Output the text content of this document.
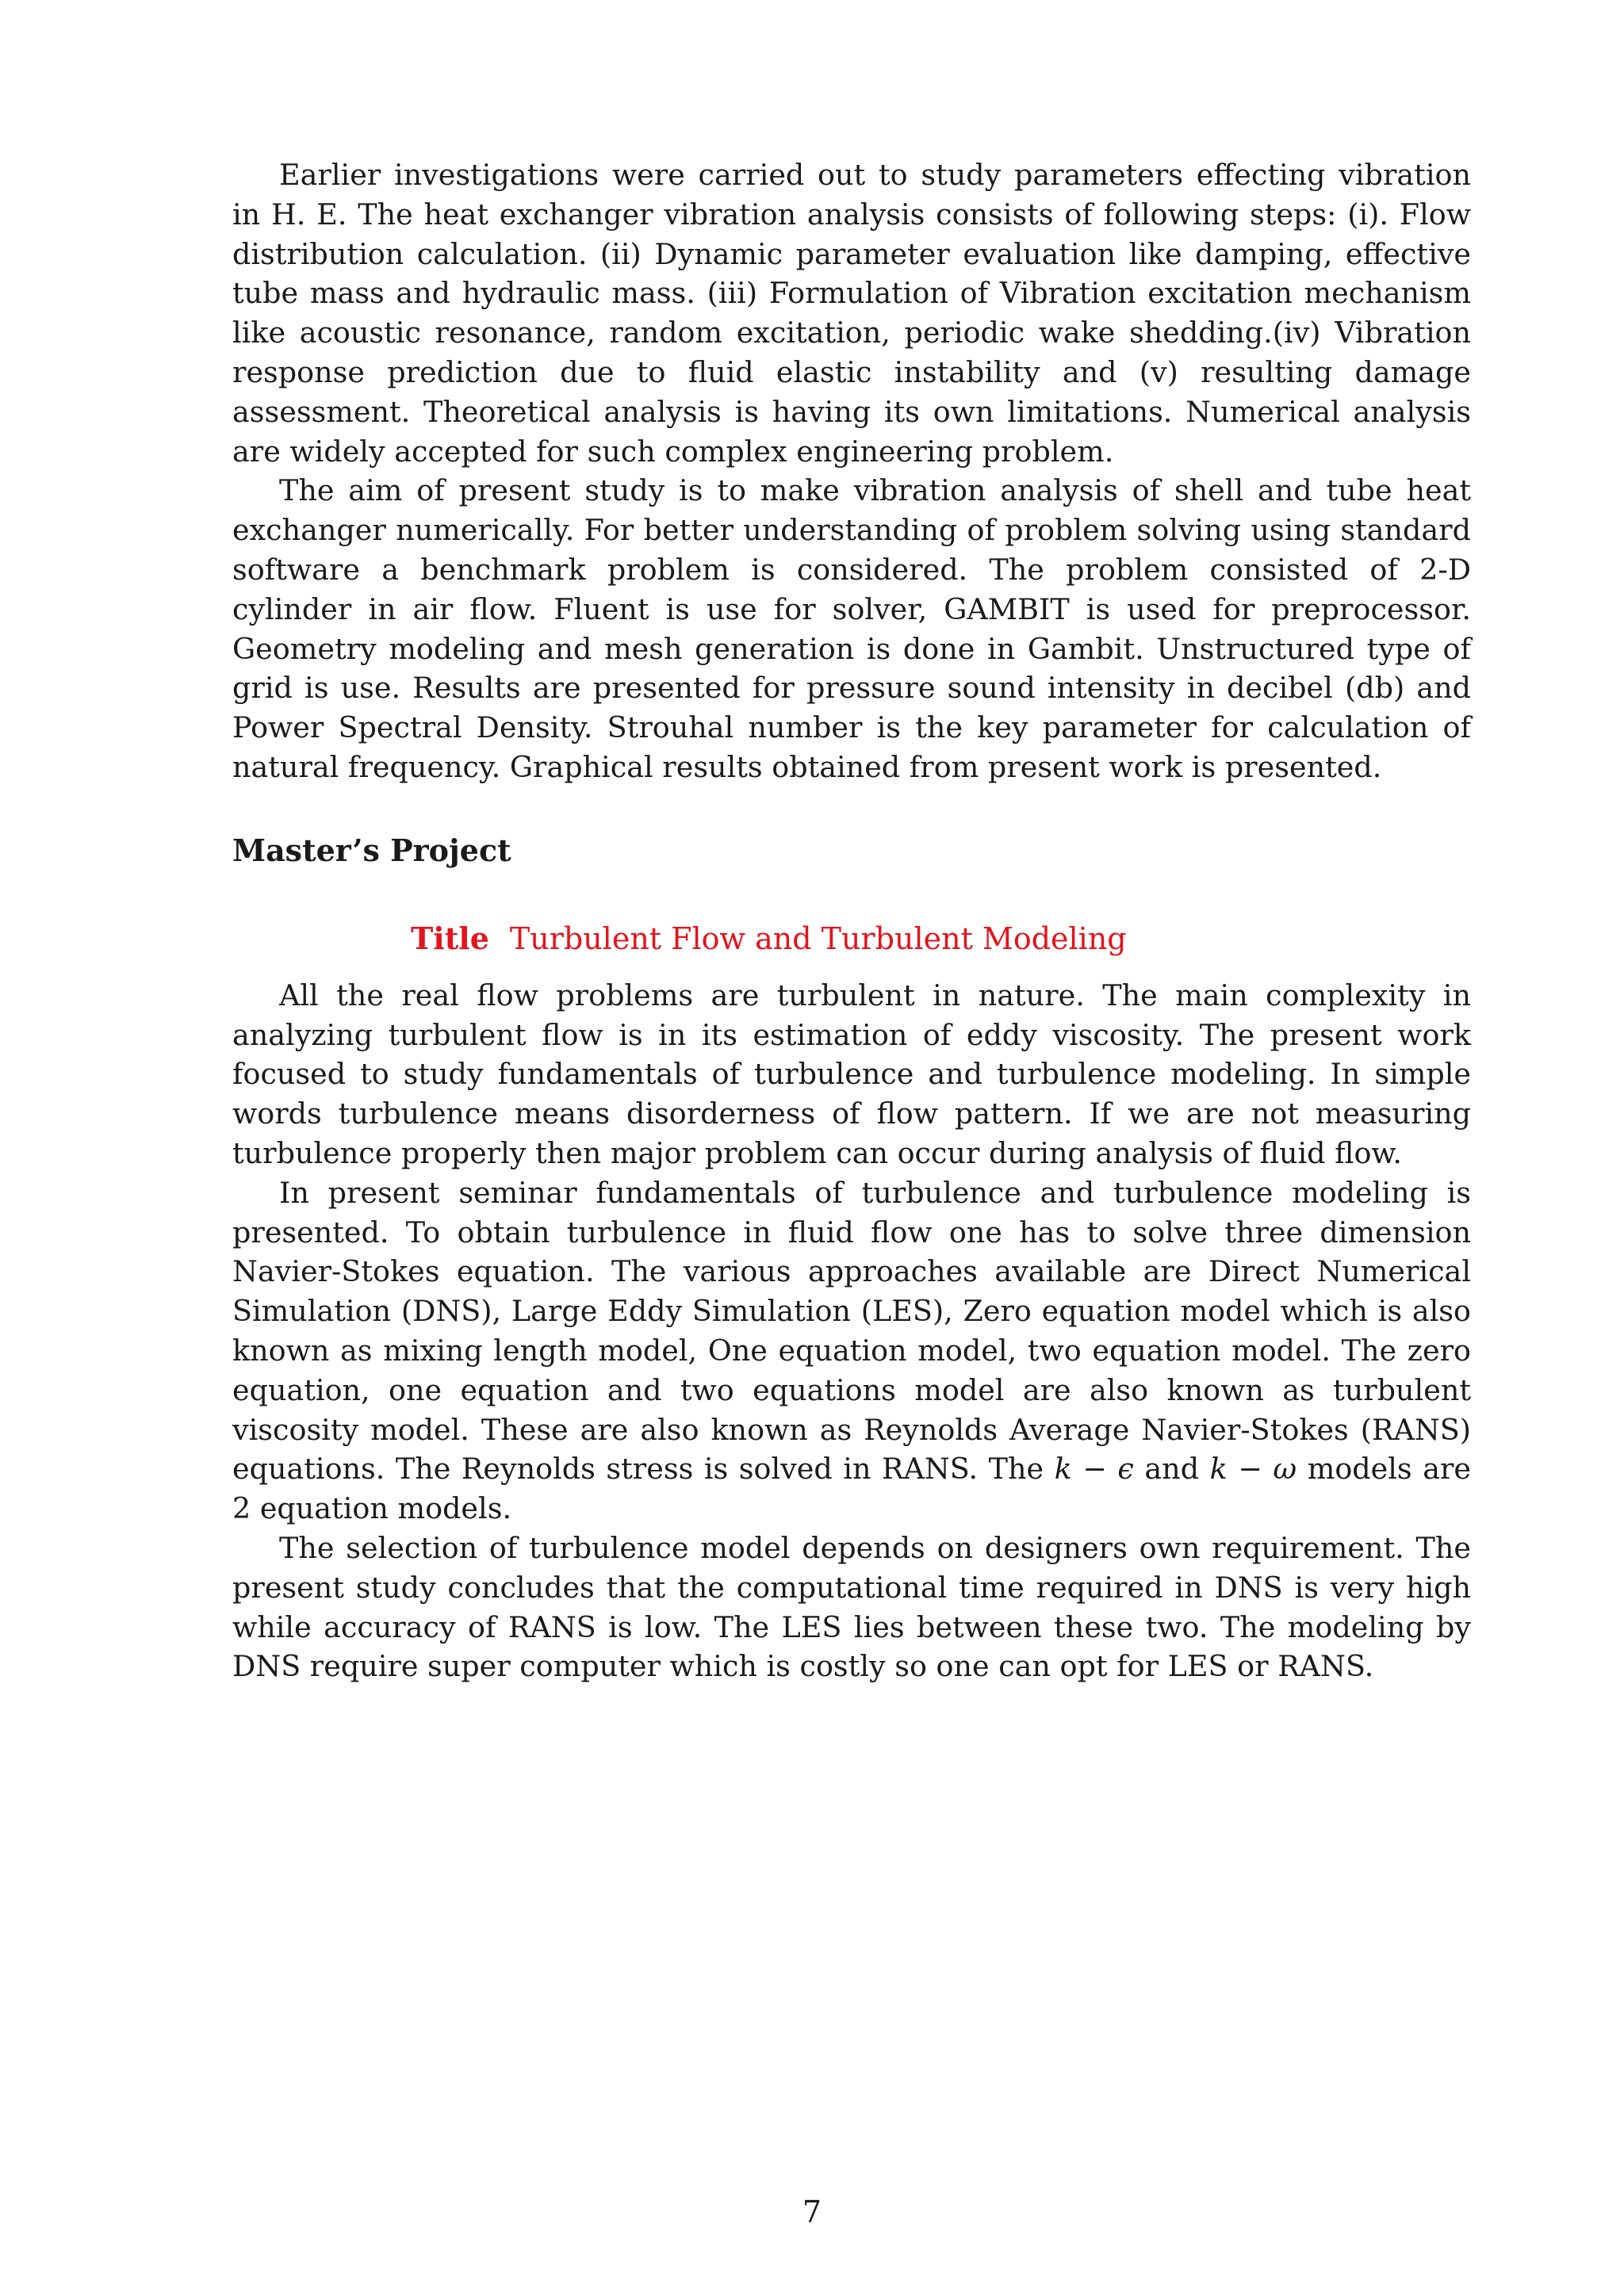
Earlier investigations were carried out to study parameters effecting vibration in H. E. The heat exchanger vibration analysis consists of following steps: (i). Flow distribution calculation. (ii) Dynamic parameter evaluation like damping, effective tube mass and hydraulic mass. (iii) Formulation of Vibration excitation mechanism like acoustic resonance, random excitation, periodic wake shedding.(iv) Vibration response prediction due to fluid elastic instability and (v) resulting damage assessment. Theoretical analysis is having its own limitations. Numerical analysis are widely accepted for such complex engineering problem.

The aim of present study is to make vibration analysis of shell and tube heat exchanger numerically. For better understanding of problem solving using standard software a benchmark problem is considered. The problem consisted of 2-D cylinder in air flow. Fluent is use for solver, GAMBIT is used for preprocessor. Geometry modeling and mesh generation is done in Gambit. Unstructured type of grid is use. Results are presented for pressure sound intensity in decibel (db) and Power Spectral Density. Strouhal number is the key parameter for calculation of natural frequency. Graphical results obtained from present work is presented.

Master’s Project
Title Turbulent Flow and Turbulent Modeling

All the real flow problems are turbulent in nature. The main complexity in analyzing turbulent flow is in its estimation of eddy viscosity. The present work focused to study fundamentals of turbulence and turbulence modeling. In simple words turbulence means disorderness of flow pattern. If we are not measuring turbulence properly then major problem can occur during analysis of fluid flow.

In present seminar fundamentals of turbulence and turbulence modeling is presented. To obtain turbulence in fluid flow one has to solve three dimension Navier-Stokes equation. The various approaches available are Direct Numerical Simulation (DNS), Large Eddy Simulation (LES), Zero equation model which is also known as mixing length model, One equation model, two equation model. The zero equation, one equation and two equations model are also known as turbulent viscosity model. These are also known as Reynolds Average Navier-Stokes (RANS) equations. The Reynolds stress is solved in RANS. The k − ϵ and k − ω models are 2 equation models.

The selection of turbulence model depends on designers own requirement. The present study concludes that the computational time required in DNS is very high while accuracy of RANS is low. The LES lies between these two. The modeling by DNS require super computer which is costly so one can opt for LES or RANS.

7
